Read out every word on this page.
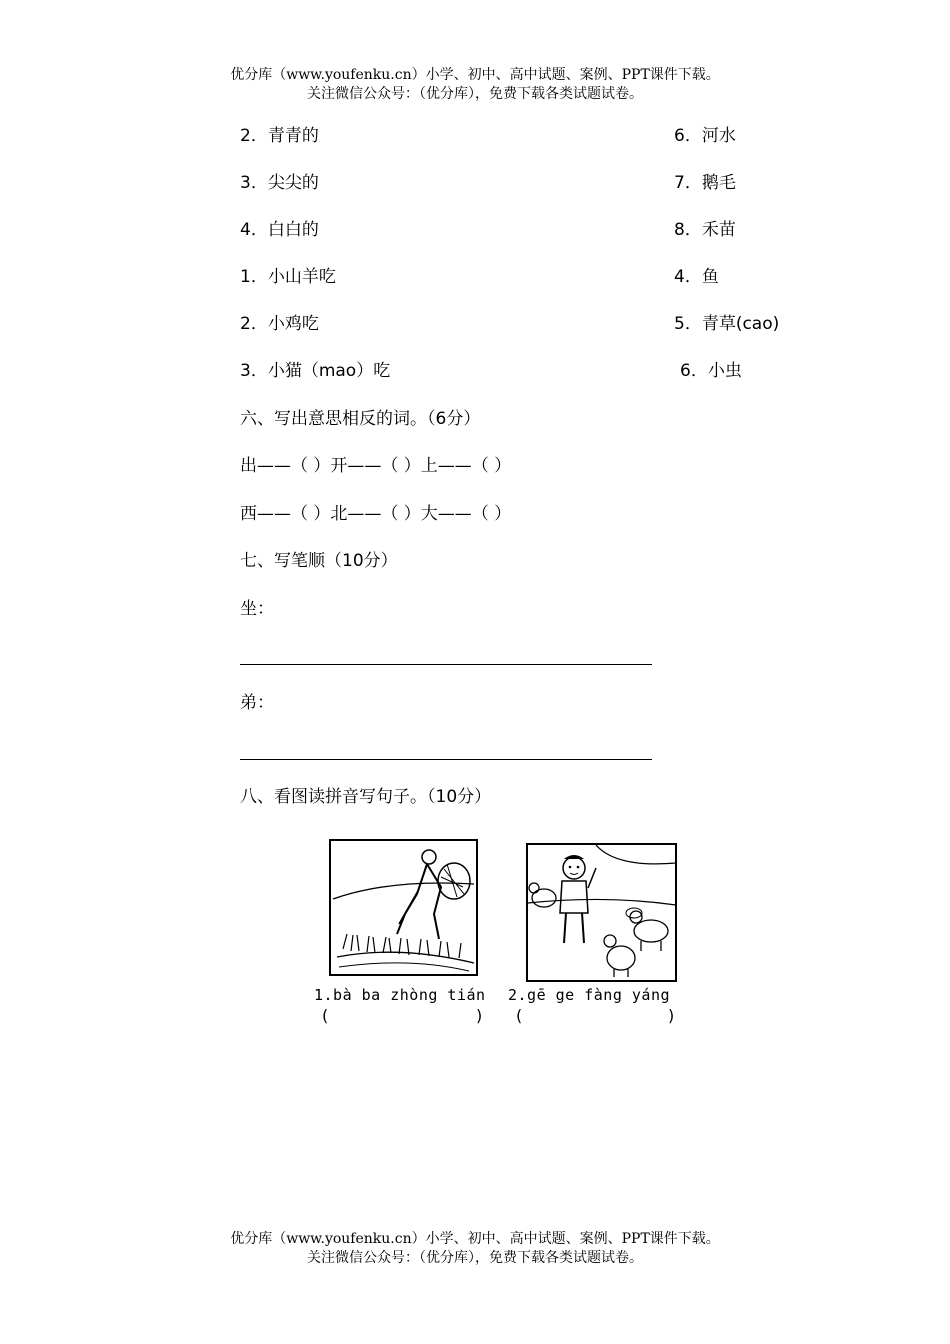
优分库（www.youfenku.cn）小学、初中、高中试题、案例、PPT课件下载。
关注微信公众号：（优分库），免费下载各类试题试卷。
2．青青的	6．河水
3．尖尖的	7．鹅毛
4．白白的	8．禾苗
1．小山羊吃	4．鱼
2．小鸡吃	5．青草(cao)
3．小猫（mao）吃	6．小虫
六、写出意思相反的词。（6分）
出——（ ）开——（ ）上——（ ）
西——（ ）北——（ ）大——（ ）
七、写笔顺（10分）
坐：
弟：
八、看图读拼音写句子。（10分）
1.bà ba zhòng tián 2.gē ge fàng yáng
(	) (	)
优分库（www.youfenku.cn）小学、初中、高中试题、案例、PPT课件下载。
关注微信公众号：（优分库），免费下载各类试题试卷。
